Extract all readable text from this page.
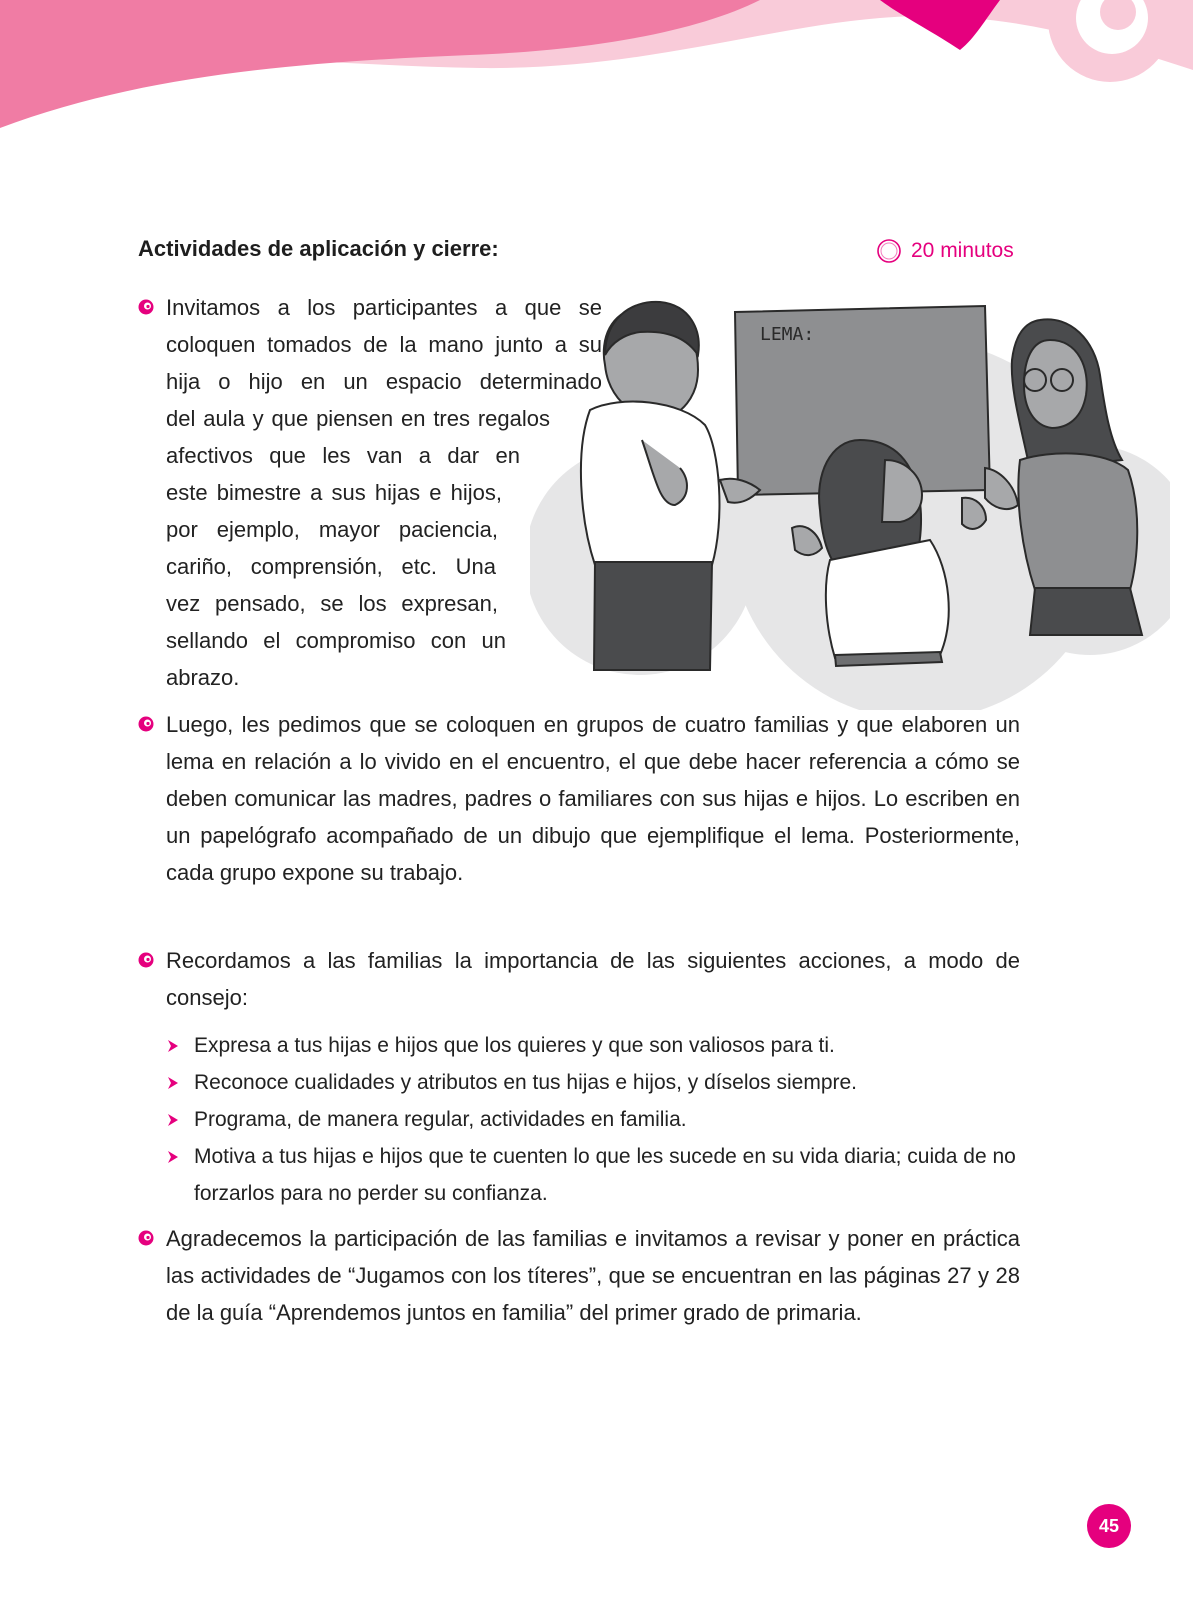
Actividades de aplicación y cierre:	20 minutos
LEMA:
Invitamos a los participantes a que se
coloquen tomados de la mano junto a su
hija o hijo en un espacio determinado
del aula y que piensen en tres regalos
afectivos que les van a dar en
este bimestre a sus hijas e hijos,
por ejemplo, mayor paciencia,
cariño, comprensión, etc. Una
vez pensado, se los expresan,
sellando el compromiso con un
abrazo.
Luego, les pedimos que se coloquen en grupos de cuatro familias y que elaboren un lema en relación a lo vivido en el encuentro, el que debe hacer referencia a cómo se deben comunicar las madres, padres o familiares con sus hijas e hijos. Lo escriben en un papelógrafo acompañado de un dibujo que ejemplifique el lema. Posteriormente, cada grupo expone su trabajo.
Recordamos a las familias la importancia de las siguientes acciones, a modo de consejo:
Expresa a tus hijas e hijos que los quieres y que son valiosos para ti.
Reconoce cualidades y atributos en tus hijas e hijos, y díselos siempre.
Programa, de manera regular, actividades en familia.
Motiva a tus hijas e hijos que te cuenten lo que les sucede en su vida diaria; cuida de no forzarlos para no perder su confianza.
Agradecemos la participación de las familias e invitamos a revisar y poner en práctica las actividades de “Jugamos con los títeres”, que se encuentran en las páginas 27 y 28 de la guía “Aprendemos juntos en familia” del primer grado de primaria.
45
